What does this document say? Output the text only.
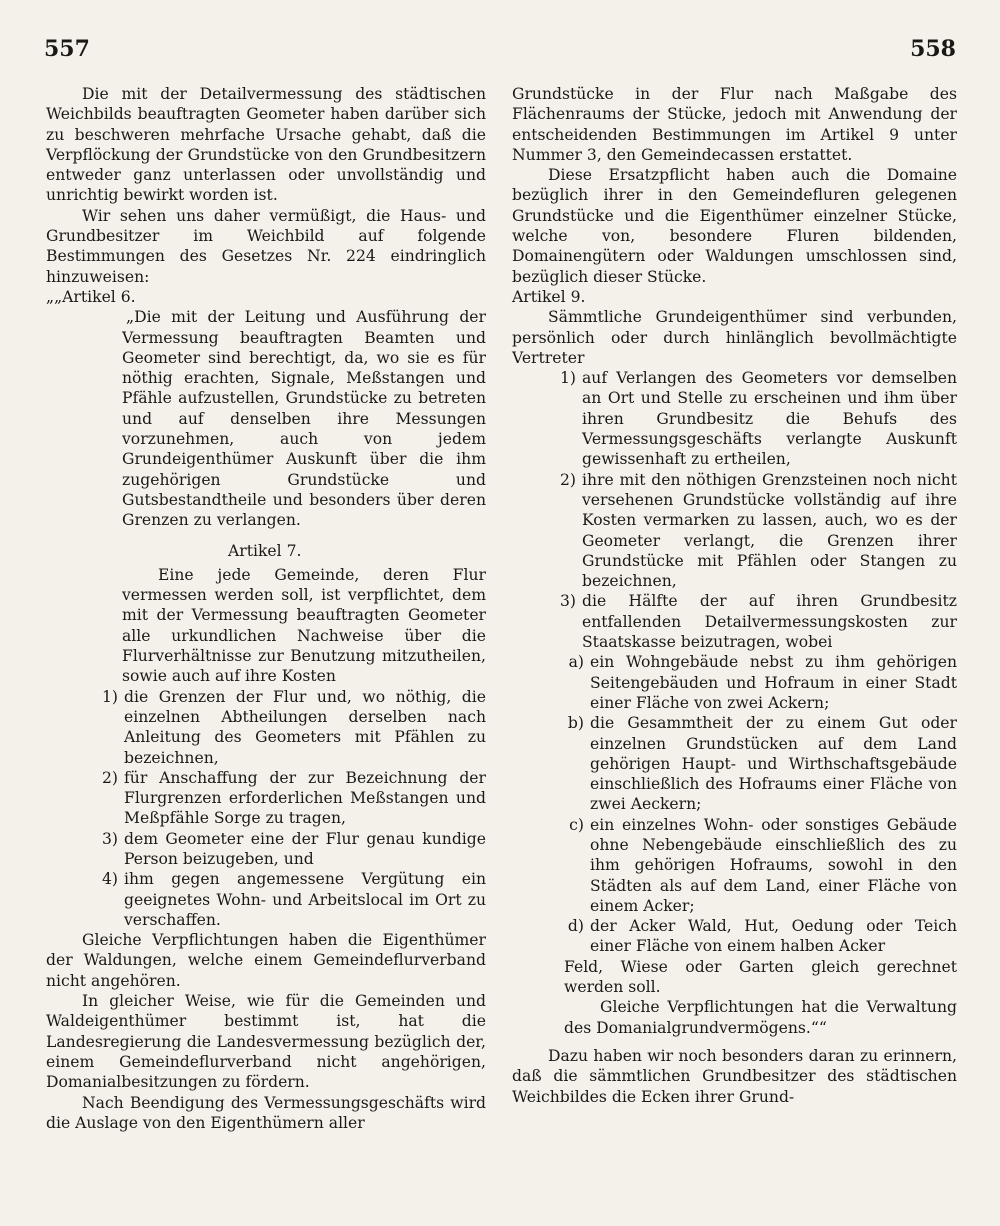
557	558

Die mit der Detailvermessung des städtischen Weichbilds beauftragten Geometer haben darüber sich zu beschweren mehrfache Ursache gehabt, daß die Verpflöckung der Grundstücke von den Grundbesitzern entweder ganz unterlassen oder unvollständig und unrichtig bewirkt worden ist.

Wir sehen uns daher vermüßigt, die Haus- und Grundbesitzer im Weichbild auf folgende Bestimmungen des Gesetzes Nr. 224 eindringlich hinzuweisen:

„„Artikel 6.

„Die mit der Leitung und Ausführung der Vermessung beauftragten Beamten und Geometer sind berechtigt, da, wo sie es für nöthig erachten, Signale, Meßstangen und Pfähle aufzustellen, Grundstücke zu betreten und auf denselben ihre Messungen vorzunehmen, auch von jedem Grundeigenthümer Auskunft über die ihm zugehörigen Grundstücke und Gutsbestandtheile und besonders über deren Grenzen zu verlangen.

Artikel 7.

Eine jede Gemeinde, deren Flur vermessen werden soll, ist verpflichtet, dem mit der Vermessung beauftragten Geometer alle urkundlichen Nachweise über die Flurverhältnisse zur Benutzung mitzutheilen, sowie auch auf ihre Kosten

1) die Grenzen der Flur und, wo nöthig, die einzelnen Abtheilungen derselben nach Anleitung des Geometers mit Pfählen zu bezeichnen,
2) für Anschaffung der zur Bezeichnung der Flurgrenzen erforderlichen Meßstangen und Meßpfähle Sorge zu tragen,
3) dem Geometer eine der Flur genau kundige Person beizugeben, und
4) ihm gegen angemessene Vergütung ein geeignetes Wohn- und Arbeitslocal im Ort zu verschaffen.

Gleiche Verpflichtungen haben die Eigenthümer der Waldungen, welche einem Gemeindeflurverband nicht angehören.

In gleicher Weise, wie für die Gemeinden und Waldeigenthümer bestimmt ist, hat die Landesregierung die Landesvermessung bezüglich der, einem Gemeindeflurverband nicht angehörigen, Domanialbesitzungen zu fördern.

Nach Beendigung des Vermessungsgeschäfts wird die Auslage von den Eigenthümern aller

Grundstücke in der Flur nach Maßgabe des Flächenraums der Stücke, jedoch mit Anwendung der entscheidenden Bestimmungen im Artikel 9 unter Nummer 3, den Gemeindecassen erstattet.

Diese Ersatzpflicht haben auch die Domaine bezüglich ihrer in den Gemeindefluren gelegenen Grundstücke und die Eigenthümer einzelner Stücke, welche von, besondere Fluren bildenden, Domainengütern oder Waldungen umschlossen sind, bezüglich dieser Stücke.

Artikel 9.

Sämmtliche Grundeigenthümer sind verbunden, persönlich oder durch hinlänglich bevollmächtigte Vertreter

1) auf Verlangen des Geometers vor demselben an Ort und Stelle zu erscheinen und ihm über ihren Grundbesitz die Behufs des Vermessungsgeschäfts verlangte Auskunft gewissenhaft zu ertheilen,
2) ihre mit den nöthigen Grenzsteinen noch nicht versehenen Grundstücke vollständig auf ihre Kosten vermarken zu lassen, auch, wo es der Geometer verlangt, die Grenzen ihrer Grundstücke mit Pfählen oder Stangen zu bezeichnen,
3) die Hälfte der auf ihren Grundbesitz entfallenden Detailvermessungskosten zur Staatskasse beizutragen, wobei
a) ein Wohngebäude nebst zu ihm gehörigen Seitengebäuden und Hofraum in einer Stadt einer Fläche von zwei Ackern;
b) die Gesammtheit der zu einem Gut oder einzelnen Grundstücken auf dem Land gehörigen Haupt- und Wirthschaftsgebäude einschließlich des Hofraums einer Fläche von zwei Aeckern;
c) ein einzelnes Wohn- oder sonstiges Gebäude ohne Nebengebäude einschließlich des zu ihm gehörigen Hofraums, sowohl in den Städten als auf dem Land, einer Fläche von einem Acker;
d) der Acker Wald, Hut, Oedung oder Teich einer Fläche von einem halben Acker

Feld, Wiese oder Garten gleich gerechnet werden soll.

Gleiche Verpflichtungen hat die Verwaltung des Domanialgrundvermögens.““

Dazu haben wir noch besonders daran zu erinnern, daß die sämmtlichen Grundbesitzer des städtischen Weichbildes die Ecken ihrer Grund-
